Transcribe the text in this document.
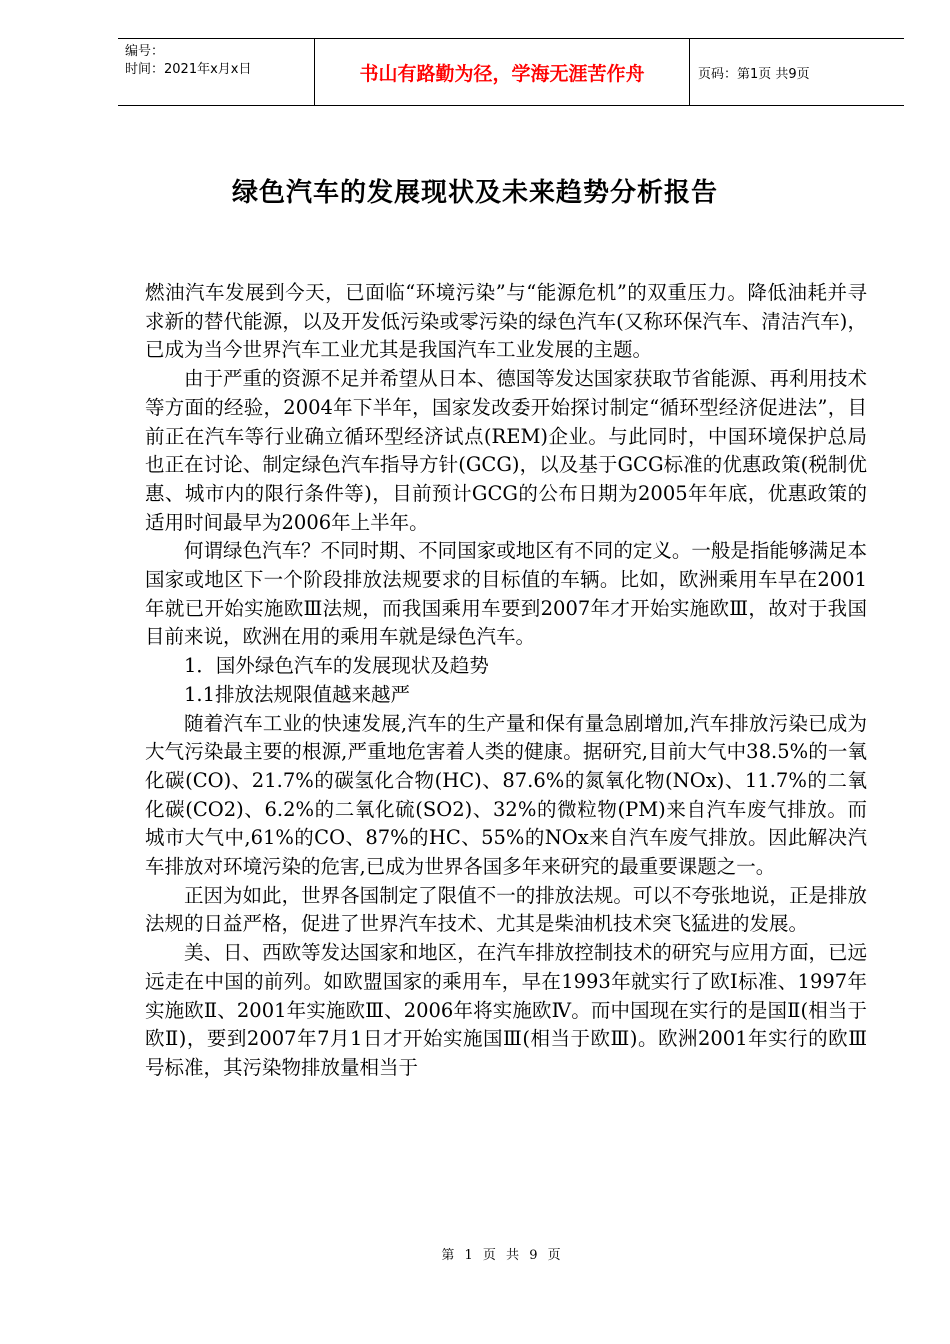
编号：
时间：2021年x月x日	书山有路勤为径，学海无涯苦作舟	页码：第1页 共9页
绿色汽车的发展现状及未来趋势分析报告

燃油汽车发展到今天，已面临“环境污染”与“能源危机”的双重压力。降低油耗并寻求新的替代能源，以及开发低污染或零污染的绿色汽车(又称环保汽车、清洁汽车)，已成为当今世界汽车工业尤其是我国汽车工业发展的主题。

由于严重的资源不足并希望从日本、德国等发达国家获取节省能源、再利用技术等方面的经验，2004年下半年，国家发改委开始探讨制定“循环型经济促进法”，目前正在汽车等行业确立循环型经济试点(REM)企业。与此同时，中国环境保护总局也正在讨论、制定绿色汽车指导方针(GCG)，以及基于GCG标准的优惠政策(税制优惠、城市内的限行条件等)，目前预计GCG的公布日期为2005年年底，优惠政策的适用时间最早为2006年上半年。

何谓绿色汽车？不同时期、不同国家或地区有不同的定义。一般是指能够满足本国家或地区下一个阶段排放法规要求的目标值的车辆。比如，欧洲乘用车早在2001年就已开始实施欧Ⅲ法规，而我国乘用车要到2007年才开始实施欧Ⅲ，故对于我国目前来说，欧洲在用的乘用车就是绿色汽车。

1．国外绿色汽车的发展现状及趋势

1.1排放法规限值越来越严

随着汽车工业的快速发展,汽车的生产量和保有量急剧增加,汽车排放污染已成为大气污染最主要的根源,严重地危害着人类的健康。据研究,目前大气中38.5%的一氧化碳(CO)、21.7%的碳氢化合物(HC)、87.6%的氮氧化物(NOx)、11.7%的二氧化碳(CO2)、6.2%的二氧化硫(SO2)、32%的微粒物(PM)来自汽车废气排放。而城市大气中,61%的CO、87%的HC、55%的NOx来自汽车废气排放。因此解决汽车排放对环境污染的危害,已成为世界各国多年来研究的最重要课题之一。

正因为如此，世界各国制定了限值不一的排放法规。可以不夸张地说，正是排放法规的日益严格，促进了世界汽车技术、尤其是柴油机技术突飞猛进的发展。

美、日、西欧等发达国家和地区，在汽车排放控制技术的研究与应用方面，已远远走在中国的前列。如欧盟国家的乘用车，早在1993年就实行了欧Ⅰ标准、1997年实施欧Ⅱ、2001年实施欧Ⅲ、2006年将实施欧Ⅳ。而中国现在实行的是国Ⅱ(相当于欧Ⅱ)，要到2007年7月1日才开始实施国Ⅲ(相当于欧Ⅲ)。欧洲2001年实行的欧Ⅲ号标准，其污染物排放量相当于

第 1 页 共 9 页
